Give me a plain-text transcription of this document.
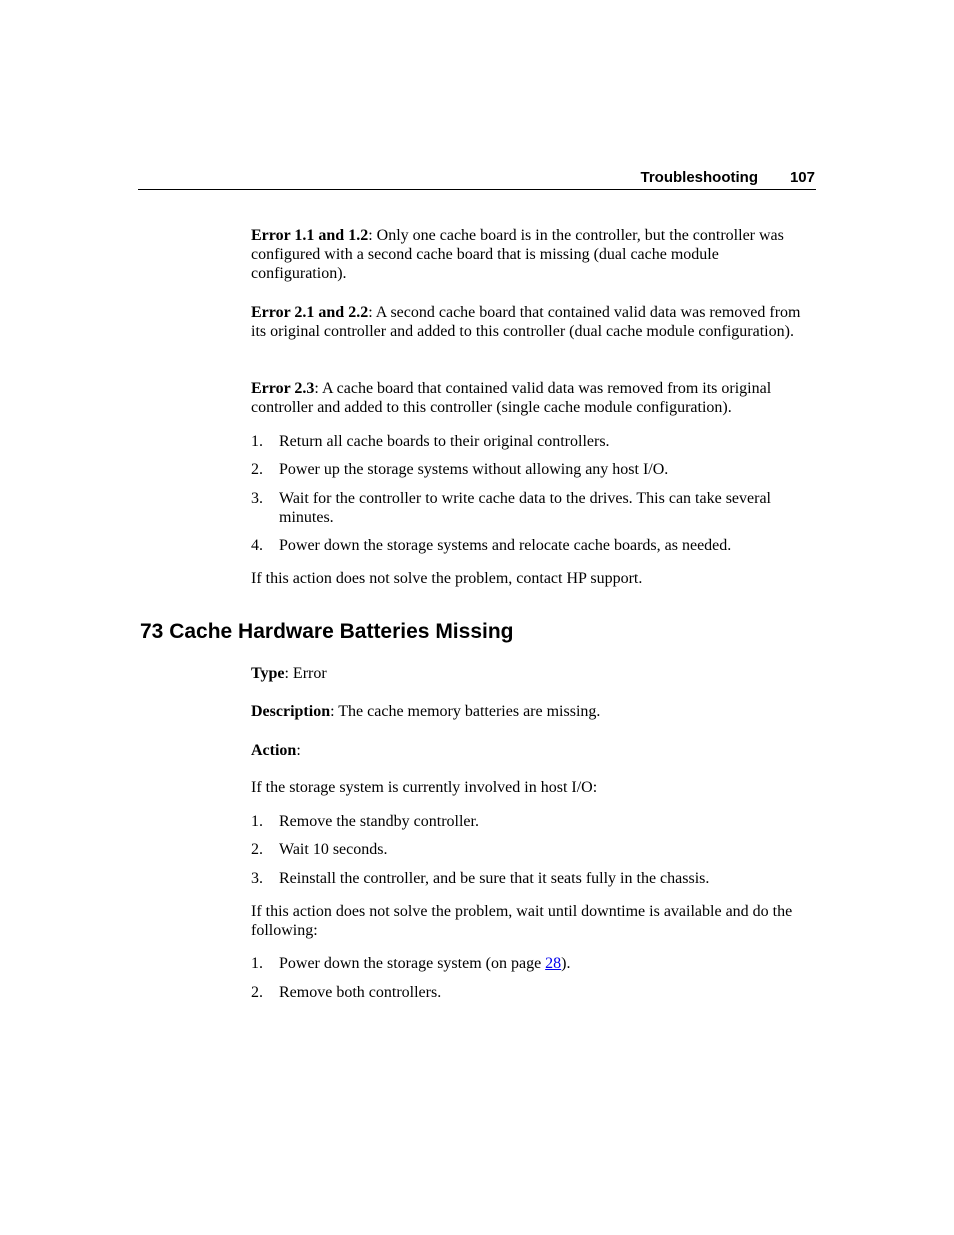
Troubleshooting 107

Error 1.1 and 1.2: Only one cache board is in the controller, but the controller was configured with a second cache board that is missing (dual cache module configuration).

Error 2.1 and 2.2: A second cache board that contained valid data was removed from its original controller and added to this controller (dual cache module configuration).

Error 2.3: A cache board that contained valid data was removed from its original controller and added to this controller (single cache module configuration).

1. Return all cache boards to their original controllers.
2. Power up the storage systems without allowing any host I/O.
3. Wait for the controller to write cache data to the drives. This can take several minutes.
4. Power down the storage systems and relocate cache boards, as needed.

If this action does not solve the problem, contact HP support.

73 Cache Hardware Batteries Missing

Type: Error

Description: The cache memory batteries are missing.

Action:

If the storage system is currently involved in host I/O:

1. Remove the standby controller.
2. Wait 10 seconds.
3. Reinstall the controller, and be sure that it seats fully in the chassis.

If this action does not solve the problem, wait until downtime is available and do the following:

1. Power down the storage system (on page 28).
2. Remove both controllers.
